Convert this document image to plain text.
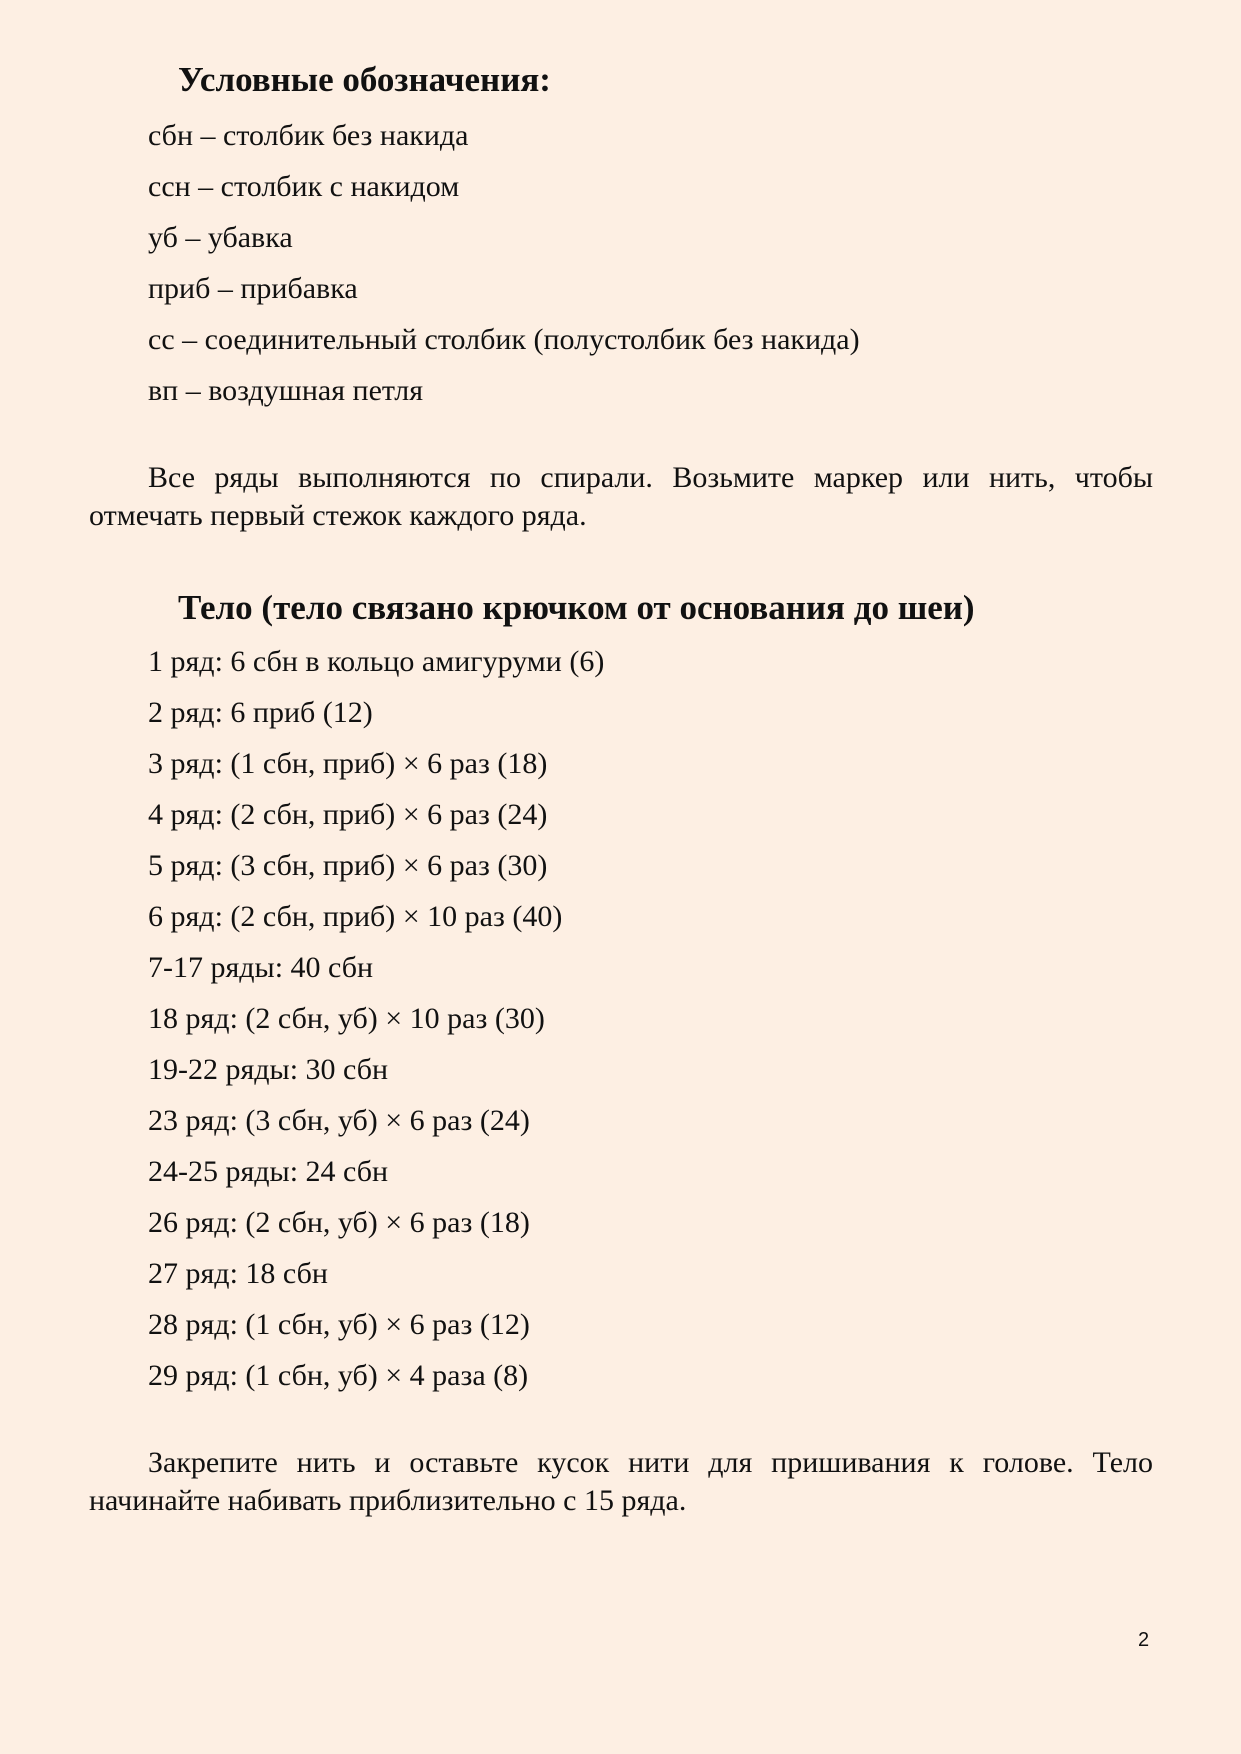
Условные обозначения:
сбн – столбик без накида
ссн – столбик с накидом
уб – убавка
приб – прибавка
сс – соединительный столбик (полустолбик без накида)
вп – воздушная петля

Все ряды выполняются по спирали. Возьмите маркер или нить, чтобы отмечать первый стежок каждого ряда.

Тело (тело связано крючком от основания до шеи)
1 ряд: 6 сбн в кольцо амигуруми (6)
2 ряд: 6 приб (12)
3 ряд: (1 сбн, приб) × 6 раз (18)
4 ряд: (2 сбн, приб) × 6 раз (24)
5 ряд: (3 сбн, приб) × 6 раз (30)
6 ряд: (2 сбн, приб) × 10 раз (40)
7-17 ряды: 40 сбн
18 ряд: (2 сбн, уб) × 10 раз (30)
19-22 ряды: 30 сбн
23 ряд: (3 сбн, уб) × 6 раз (24)
24-25 ряды: 24 сбн
26 ряд: (2 сбн, уб) × 6 раз (18)
27 ряд: 18 сбн
28 ряд: (1 сбн, уб) × 6 раз (12)
29 ряд: (1 сбн, уб) × 4 раза (8)

Закрепите нить и оставьте кусок нити для пришивания к голове. Тело начинайте набивать приблизительно с 15 ряда.

2
